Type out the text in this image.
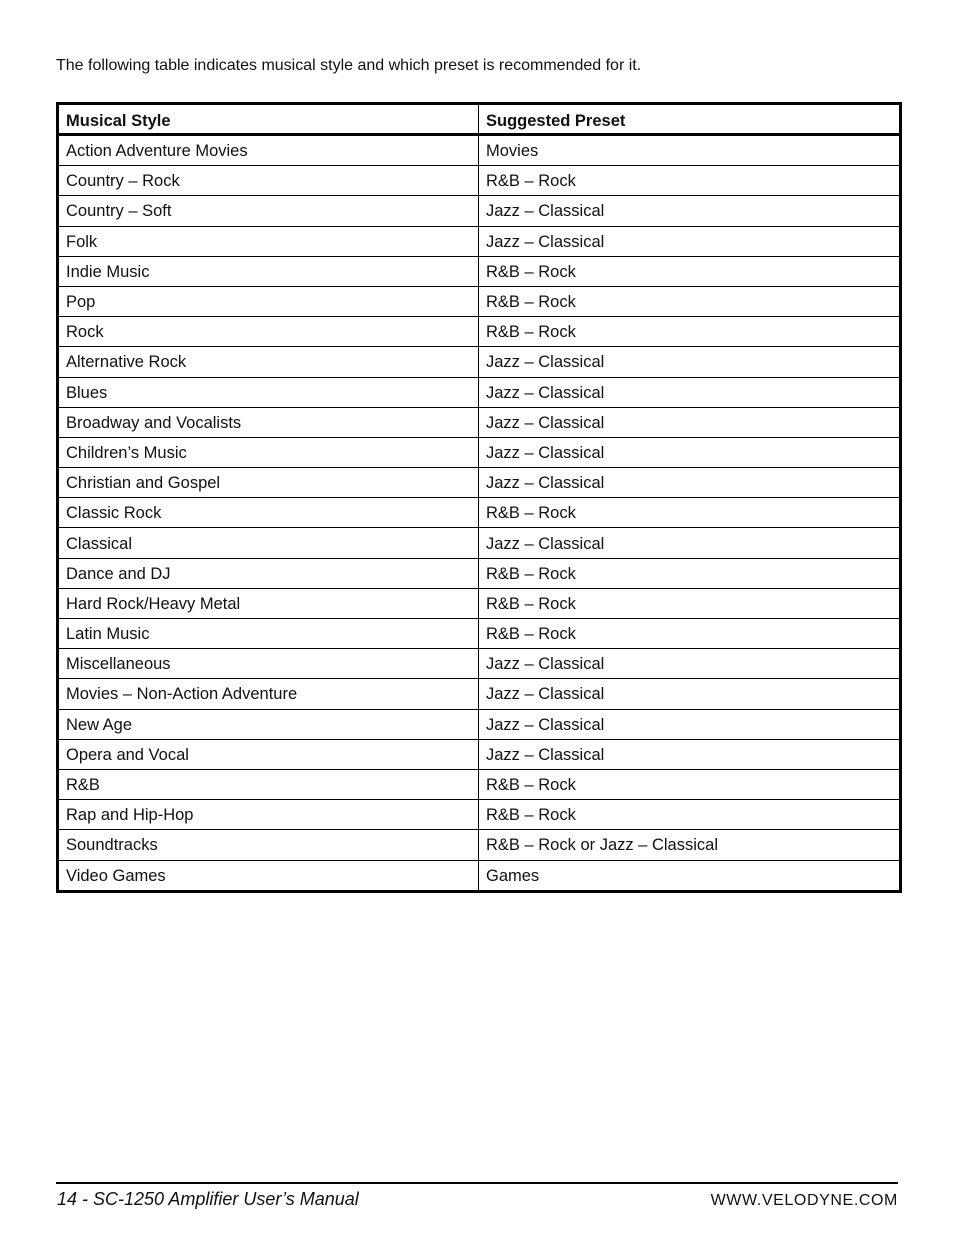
The following table indicates musical style and which preset is recommended for it.
Musical Style	Suggested Preset
Action Adventure Movies	Movies
Country – Rock	R&B – Rock
Country – Soft	Jazz – Classical
Folk	Jazz – Classical
Indie Music	R&B – Rock
Pop	R&B – Rock
Rock	R&B – Rock
Alternative Rock	Jazz – Classical
Blues	Jazz – Classical
Broadway and Vocalists	Jazz – Classical
Children’s Music	Jazz – Classical
Christian and Gospel	Jazz – Classical
Classic Rock	R&B – Rock
Classical	Jazz – Classical
Dance and DJ	R&B – Rock
Hard Rock/Heavy Metal	R&B – Rock
Latin Music	R&B – Rock
Miscellaneous	Jazz – Classical
Movies – Non-Action Adventure	Jazz – Classical
New Age	Jazz – Classical
Opera and Vocal	Jazz – Classical
R&B	R&B – Rock
Rap and Hip-Hop	R&B – Rock
Soundtracks	R&B – Rock or Jazz – Classical
Video Games	Games
14 - SC-1250 Amplifier User’s Manual	WWW.VELODYNE.COM
